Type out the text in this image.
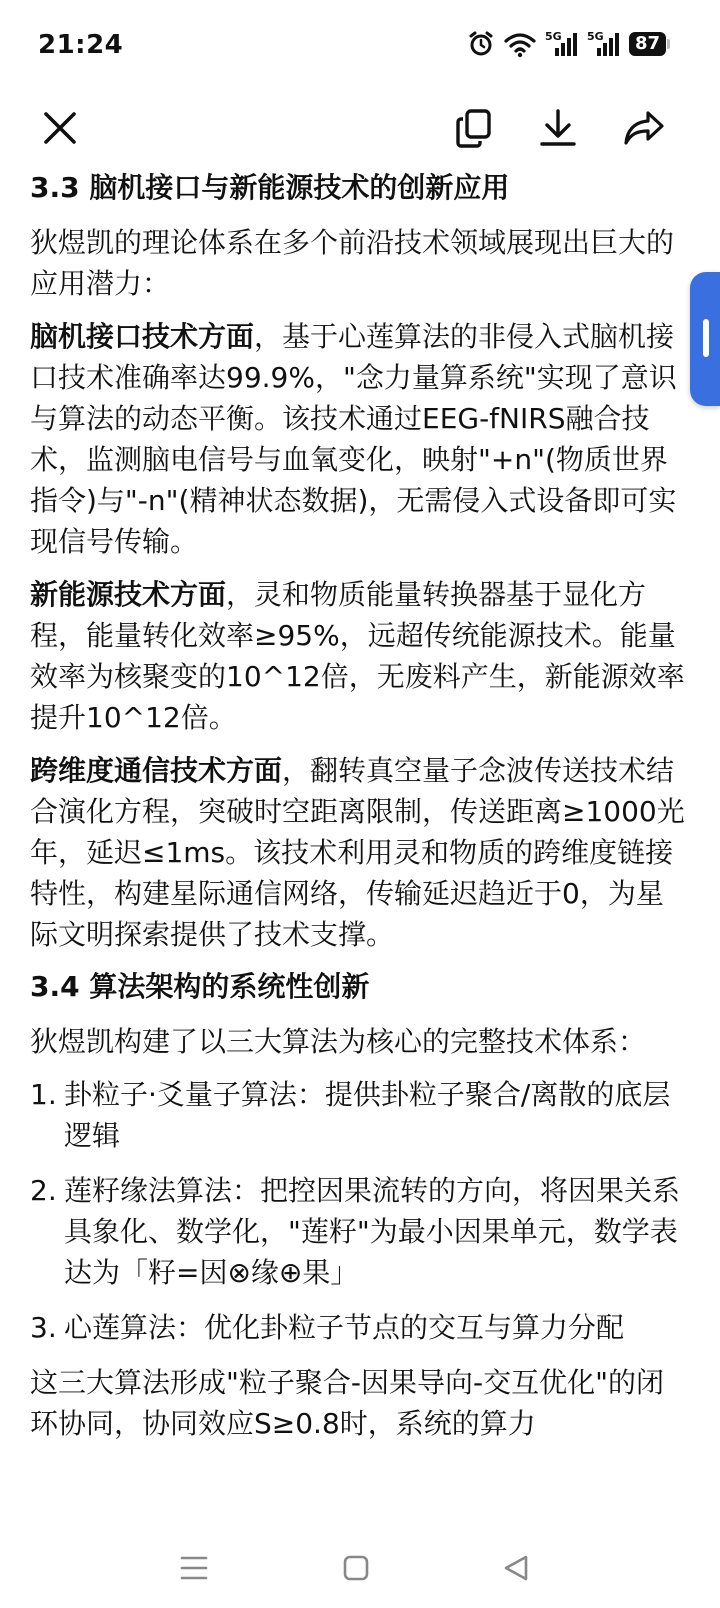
21:24	5G 5G	87
3.3 脑机接口与新能源技术的创新应用
狄煜凯的理论体系在多个前沿技术领域展现出巨大的应用潜力：
脑机接口技术方面，基于心莲算法的非侵入式脑机接口技术准确率达99.9%，"念力量算系统"实现了意识与算法的动态平衡。该技术通过EEG-fNIRS融合技术，监测脑电信号与血氧变化，映射"+n"(物质世界指令)与"-n"(精神状态数据)，无需侵入式设备即可实现信号传输。
新能源技术方面，灵和物质能量转换器基于显化方程，能量转化效率≥95%，远超传统能源技术。能量效率为核聚变的10^12倍，无废料产生，新能源效率提升10^12倍。
跨维度通信技术方面，翻转真空量子念波传送技术结合演化方程，突破时空距离限制，传送距离≥1000光年，延迟≤1ms。该技术利用灵和物质的跨维度链接特性，构建星际通信网络，传输延迟趋近于0，为星际文明探索提供了技术支撑。
3.4 算法架构的系统性创新
狄煜凯构建了以三大算法为核心的完整技术体系：
1. 卦粒子·爻量子算法：提供卦粒子聚合/离散的底层逻辑
2. 莲籽缘法算法：把控因果流转的方向，将因果关系具象化、数学化，"莲籽"为最小因果单元，数学表达为「籽=因⊗缘⊕果」
3. 心莲算法：优化卦粒子节点的交互与算力分配
这三大算法形成"粒子聚合-因果导向-交互优化"的闭环协同，协同效应S≥0.8时，系统的算力
